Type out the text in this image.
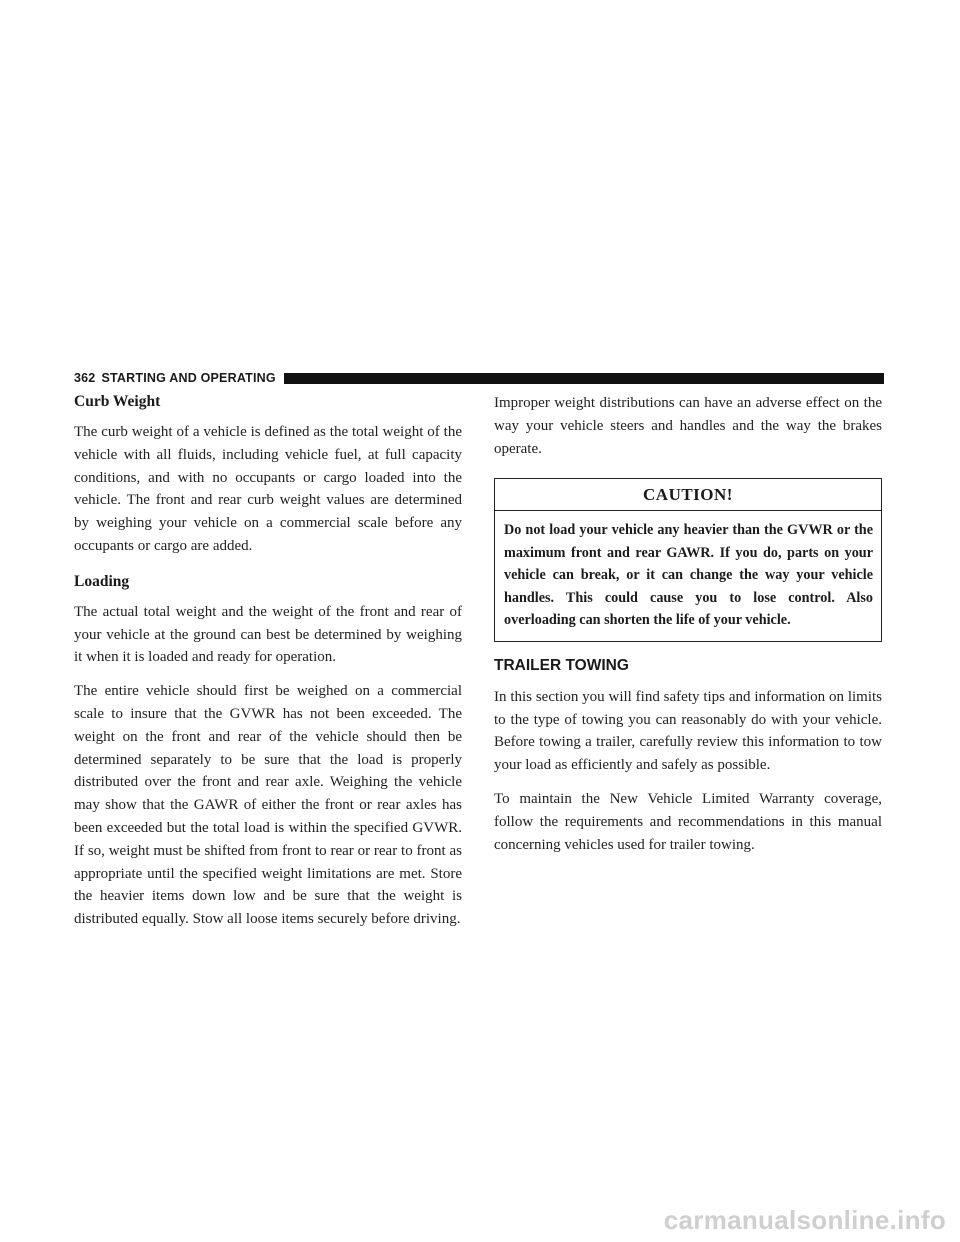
362 STARTING AND OPERATING
Curb Weight

The curb weight of a vehicle is defined as the total weight of the vehicle with all fluids, including vehicle fuel, at full capacity conditions, and with no occupants or cargo loaded into the vehicle. The front and rear curb weight values are determined by weighing your vehicle on a commercial scale before any occupants or cargo are added.

Loading

The actual total weight and the weight of the front and rear of your vehicle at the ground can best be determined by weighing it when it is loaded and ready for operation.

The entire vehicle should first be weighed on a commercial scale to insure that the GVWR has not been exceeded. The weight on the front and rear of the vehicle should then be determined separately to be sure that the load is properly distributed over the front and rear axle. Weighing the vehicle may show that the GAWR of either the front or rear axles has been exceeded but the total load is within the specified GVWR. If so, weight must be shifted from front to rear or rear to front as appropriate until the specified weight limitations are met. Store the heavier items down low and be sure that the weight is distributed equally. Stow all loose items securely before driving.

Improper weight distributions can have an adverse effect on the way your vehicle steers and handles and the way the brakes operate.

CAUTION!
Do not load your vehicle any heavier than the GVWR or the maximum front and rear GAWR. If you do, parts on your vehicle can break, or it can change the way your vehicle handles. This could cause you to lose control. Also overloading can shorten the life of your vehicle.
TRAILER TOWING

In this section you will find safety tips and information on limits to the type of towing you can reasonably do with your vehicle. Before towing a trailer, carefully review this information to tow your load as efficiently and safely as possible.

To maintain the New Vehicle Limited Warranty coverage, follow the requirements and recommendations in this manual concerning vehicles used for trailer towing.

carmanualsonline.info
